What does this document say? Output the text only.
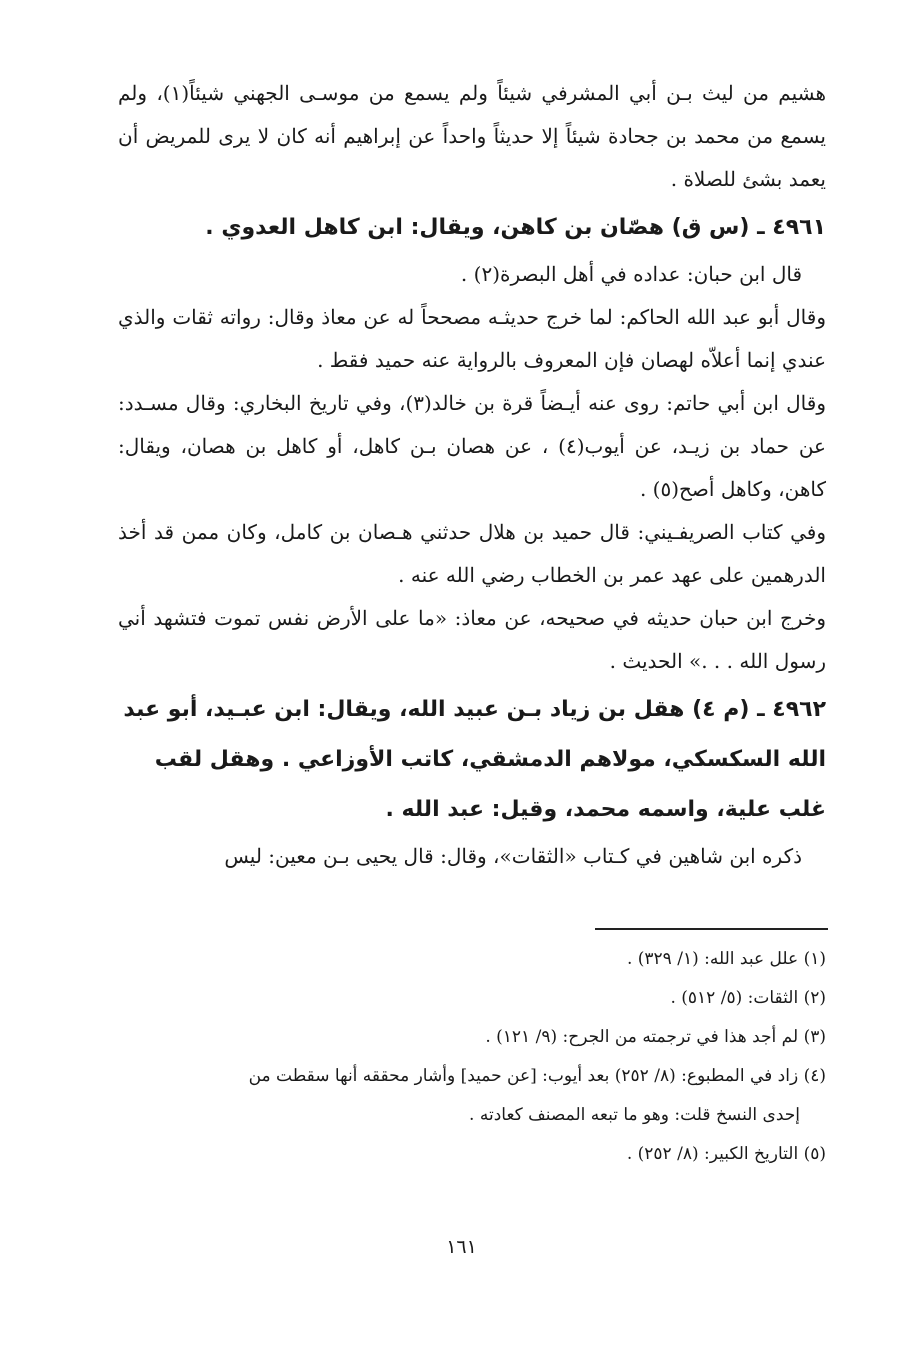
هشيم من ليث بـن أبي المشرفي شيئاً ولم يسمع من موسـى الجهني شيئاً(١)، ولم يسمع من محمد بن جحادة شيئاً إلا حديثاً واحداً عن إبراهيم أنه كان لا يرى للمريض أن يعمد بشئ للصلاة .

٤٩٦١ ـ (س ق) هصّان بن كاهن، ويقال: ابن كاهل العدوي .

قال ابن حبان: عداده في أهل البصرة(٢) .

وقال أبو عبد الله الحاكم: لما خرج حديثـه مصححاً له عن معاذ وقال: رواته ثقات والذي عندي إنما أعلاّه لهصان فإن المعروف بالرواية عنه حميد فقط .

وقال ابن أبي حاتم: روى عنه أيـضاً قرة بن خالد(٣)، وفي تاريخ البخاري: وقال مسـدد: عن حماد بن زيـد، عن أيوب(٤) ، عن هصان بـن كاهل، أو كاهل بن هصان، ويقال: كاهن، وكاهل أصح(٥) .

وفي كتاب الصريفـيني: قال حميد بن هلال حدثني هـصان بن كامل، وكان ممن قد أخذ الدرهمين على عهد عمر بن الخطاب رضي الله عنه .

وخرج ابن حبان حديثه في صحيحه، عن معاذ: «ما على الأرض نفس تموت فتشهد أني رسول الله . . .» الحديث .

٤٩٦٢ ـ (م ٤) هقل بن زياد بـن عبيد الله، ويقال: ابن عبـيد، أبو عبد الله السكسكي، مولاهم الدمشقي، كاتب الأوزاعي . وهقل لقب غلب علية، واسمه محمد، وقيل: عبد الله .

ذكره ابن شاهين في كـتاب «الثقات»، وقال: قال يحيى بـن معين: ليس

(١) علل عبد الله: (١/ ٣٢٩) .

(٢) الثقات: (٥/ ٥١٢) .

(٣) لم أجد هذا في ترجمته من الجرح: (٩/ ١٢١) .

(٤) زاد في المطبوع: (٨/ ٢٥٢) بعد أيوب: [عن حميد] وأشار محققه أنها سقطت من

إحدى النسخ قلت: وهو ما تبعه المصنف كعادته .

(٥) التاريخ الكبير: (٨/ ٢٥٢) .

١٦١
